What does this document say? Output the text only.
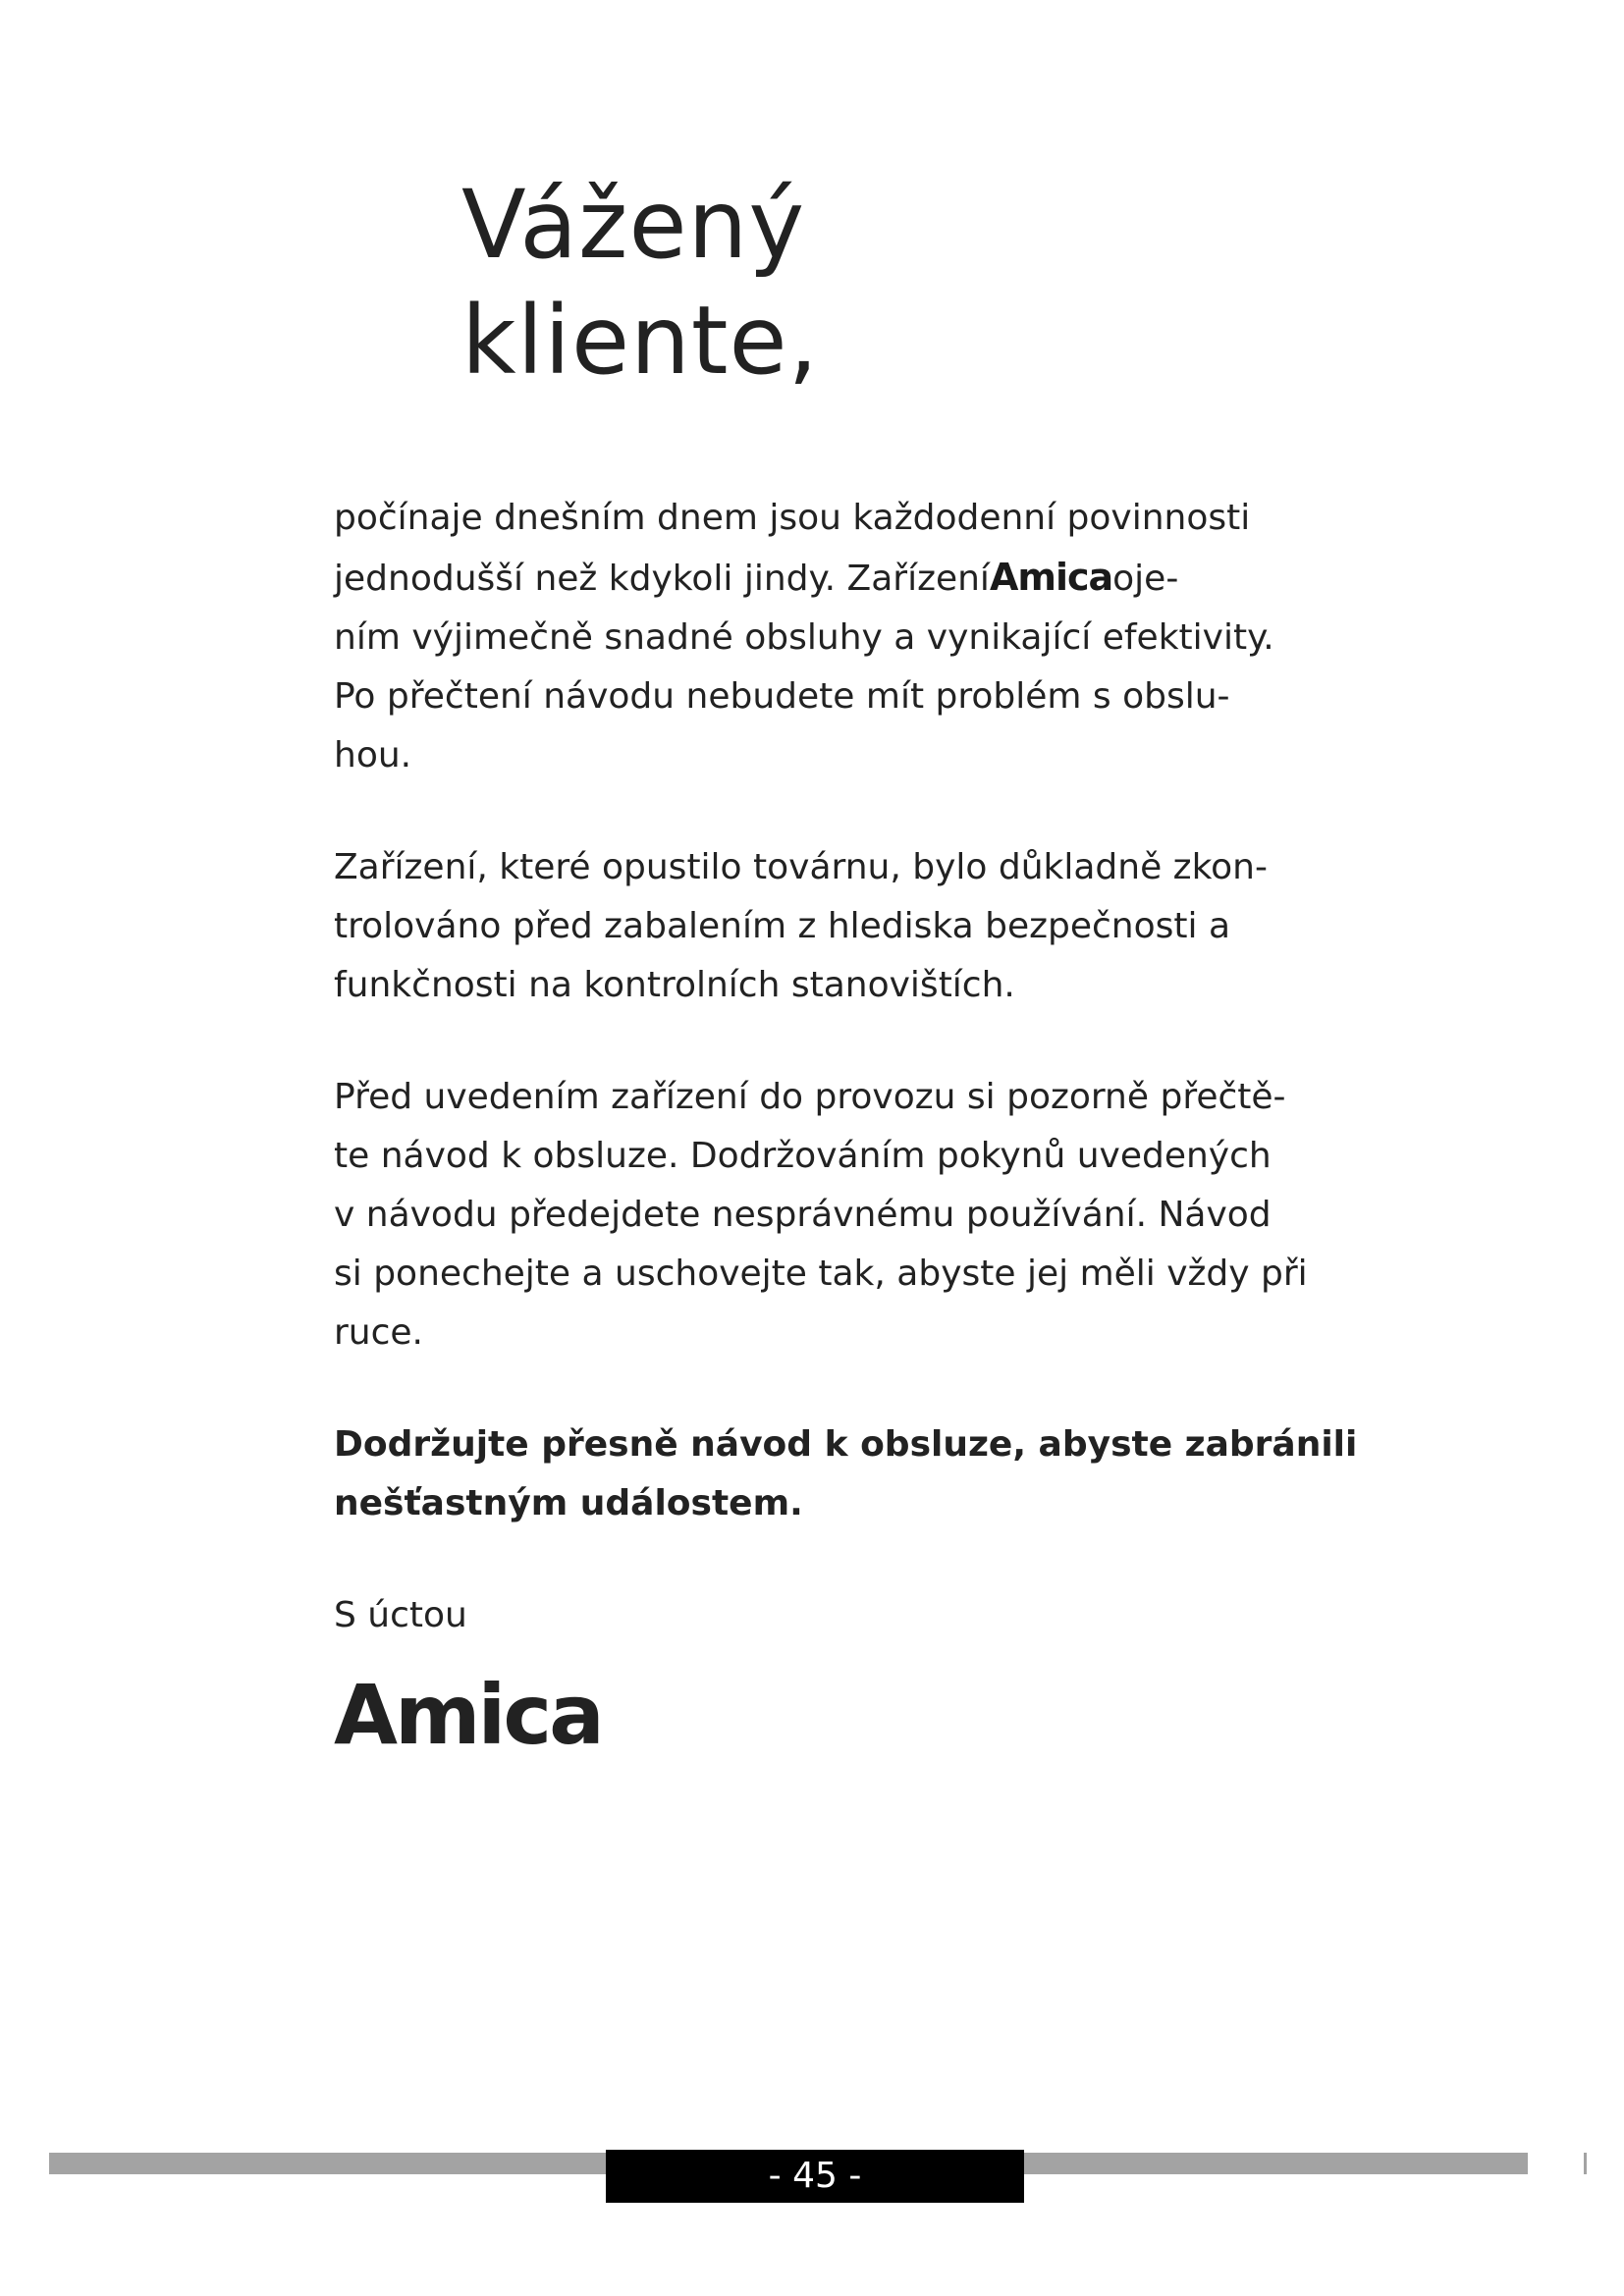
Vážený
kliente,
počínaje dnešním dnem jsou každodenní povinnosti
jednodušší než kdykoli jindy. ZařízeníAmicaoje-
ním výjimečně snadné obsluhy a vynikající efektivity.
Po přečtení návodu nebudete mít problém s obslu-
hou.
Zařízení, které opustilo továrnu, bylo důkladně zkon-
trolováno před zabalením z hlediska bezpečnosti a
funkčnosti na kontrolních stanovištích.
Před uvedením zařízení do provozu si pozorně přečtě-
te návod k obsluze. Dodržováním pokynů uvedených
v návodu předejdete nesprávnému používání. Návod
si ponechejte a uschovejte tak, abyste jej měli vždy při
ruce.
Dodržujte přesně návod k obsluze, abyste zabránili
nešťastným událostem.
S úctou
Amica
- 45 -
